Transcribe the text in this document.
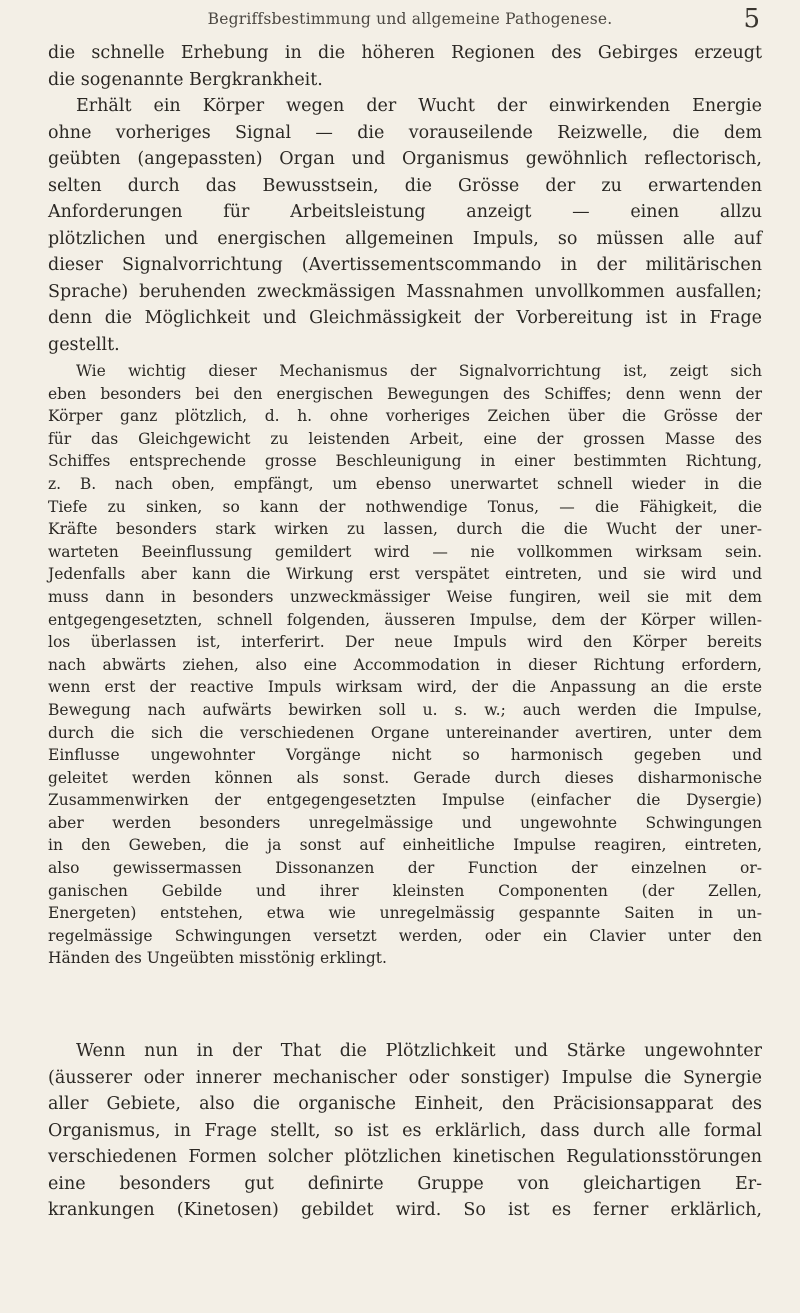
Begriffsbestimmung und allgemeine Pathogenese.	5
die schnelle Erhebung in die höheren Regionen des Gebirges erzeugt
die sogenannte Bergkrankheit.
Erhält ein Körper wegen der Wucht der einwirkenden Energie
ohne vorheriges Signal — die vorauseilende Reizwelle, die dem
geübten (angepassten) Organ und Organismus gewöhnlich reflectorisch,
selten durch das Bewusstsein, die Grösse der zu erwartenden
Anforderungen für Arbeitsleistung anzeigt — einen allzu
plötzlichen und energischen allgemeinen Impuls, so müssen alle auf
dieser Signalvorrichtung (Avertissementscommando in der militärischen
Sprache) beruhenden zweckmässigen Massnahmen unvollkommen ausfallen;
denn die Möglichkeit und Gleichmässigkeit der Vorbereitung ist in Frage
gestellt.
Wie wichtig dieser Mechanismus der Signalvorrichtung ist, zeigt sich
eben besonders bei den energischen Bewegungen des Schiffes; denn wenn der
Körper ganz plötzlich, d. h. ohne vorheriges Zeichen über die Grösse der
für das Gleichgewicht zu leistenden Arbeit, eine der grossen Masse des
Schiffes entsprechende grosse Beschleunigung in einer bestimmten Richtung,
z. B. nach oben, empfängt, um ebenso unerwartet schnell wieder in die
Tiefe zu sinken, so kann der nothwendige Tonus, — die Fähigkeit, die
Kräfte besonders stark wirken zu lassen, durch die die Wucht der uner-
warteten Beeinflussung gemildert wird — nie vollkommen wirksam sein.
Jedenfalls aber kann die Wirkung erst verspätet eintreten, und sie wird und
muss dann in besonders unzweckmässiger Weise fungiren, weil sie mit dem
entgegengesetzten, schnell folgenden, äusseren Impulse, dem der Körper willen-
los überlassen ist, interferirt. Der neue Impuls wird den Körper bereits
nach abwärts ziehen, also eine Accommodation in dieser Richtung erfordern,
wenn erst der reactive Impuls wirksam wird, der die Anpassung an die erste
Bewegung nach aufwärts bewirken soll u. s. w.; auch werden die Impulse,
durch die sich die verschiedenen Organe untereinander avertiren, unter dem
Einflusse ungewohnter Vorgänge nicht so harmonisch gegeben und
geleitet werden können als sonst. Gerade durch dieses disharmonische
Zusammenwirken der entgegengesetzten Impulse (einfacher die Dysergie)
aber werden besonders unregelmässige und ungewohnte Schwingungen
in den Geweben, die ja sonst auf einheitliche Impulse reagiren, eintreten,
also gewissermassen Dissonanzen der Function der einzelnen or-
ganischen Gebilde und ihrer kleinsten Componenten (der Zellen,
Energeten) entstehen, etwa wie unregelmässig gespannte Saiten in un-
regelmässige Schwingungen versetzt werden, oder ein Clavier unter den
Händen des Ungeübten misstönig erklingt.
Wenn nun in der That die Plötzlichkeit und Stärke ungewohnter
(äusserer oder innerer mechanischer oder sonstiger) Impulse die Synergie
aller Gebiete, also die organische Einheit, den Präcisionsapparat des
Organismus, in Frage stellt, so ist es erklärlich, dass durch alle formal
verschiedenen Formen solcher plötzlichen kinetischen Regulationsstörungen
eine besonders gut definirte Gruppe von gleichartigen Er-
krankungen (Kinetosen) gebildet wird. So ist es ferner erklärlich,
